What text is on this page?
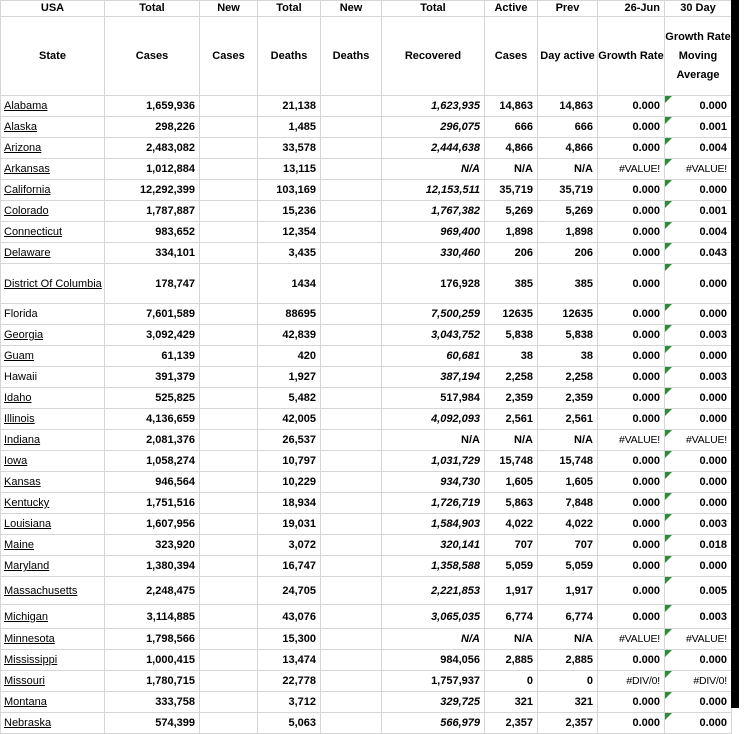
USA	Total	New	Total	New	Total	Active	Prev	26-Jun	30 Day
State	Cases	Cases	Deaths	Deaths	Recovered	Cases	Day active	Growth Rate	Growth Rate Moving Average
Alabama	1,659,936		21,138		1,623,935	14,863	14,863	0.000	0.000
Alaska	298,226		1,485		296,075	666	666	0.000	0.001
Arizona	2,483,082		33,578		2,444,638	4,866	4,866	0.000	0.004
Arkansas	1,012,884		13,115		N/A	N/A	N/A	#VALUE!	#VALUE!
California	12,292,399		103,169		12,153,511	35,719	35,719	0.000	0.000
Colorado	1,787,887		15,236		1,767,382	5,269	5,269	0.000	0.001
Connecticut	983,652		12,354		969,400	1,898	1,898	0.000	0.004
Delaware	334,101		3,435		330,460	206	206	0.000	0.043
District Of Columbia	178,747		1434		176,928	385	385	0.000	0.000
Florida	7,601,589		88695		7,500,259	12635	12635	0.000	0.000
Georgia	3,092,429		42,839		3,043,752	5,838	5,838	0.000	0.003
Guam	61,139		420		60,681	38	38	0.000	0.000
Hawaii	391,379		1,927		387,194	2,258	2,258	0.000	0.003
Idaho	525,825		5,482		517,984	2,359	2,359	0.000	0.000
Illinois	4,136,659		42,005		4,092,093	2,561	2,561	0.000	0.000
Indiana	2,081,376		26,537		N/A	N/A	N/A	#VALUE!	#VALUE!
Iowa	1,058,274		10,797		1,031,729	15,748	15,748	0.000	0.000
Kansas	946,564		10,229		934,730	1,605	1,605	0.000	0.000
Kentucky	1,751,516		18,934		1,726,719	5,863	7,848	0.000	0.000
Louisiana	1,607,956		19,031		1,584,903	4,022	4,022	0.000	0.003
Maine	323,920		3,072		320,141	707	707	0.000	0.018
Maryland	1,380,394		16,747		1,358,588	5,059	5,059	0.000	0.000
Massachusetts	2,248,475		24,705		2,221,853	1,917	1,917	0.000	0.005
Michigan	3,114,885		43,076		3,065,035	6,774	6,774	0.000	0.003
Minnesota	1,798,566		15,300		N/A	N/A	N/A	#VALUE!	#VALUE!
Mississippi	1,000,415		13,474		984,056	2,885	2,885	0.000	0.000
Missouri	1,780,715		22,778		1,757,937	0	0	#DIV/0!	#DIV/0!
Montana	333,758		3,712		329,725	321	321	0.000	0.000
Nebraska	574,399		5,063		566,979	2,357	2,357	0.000	0.000
